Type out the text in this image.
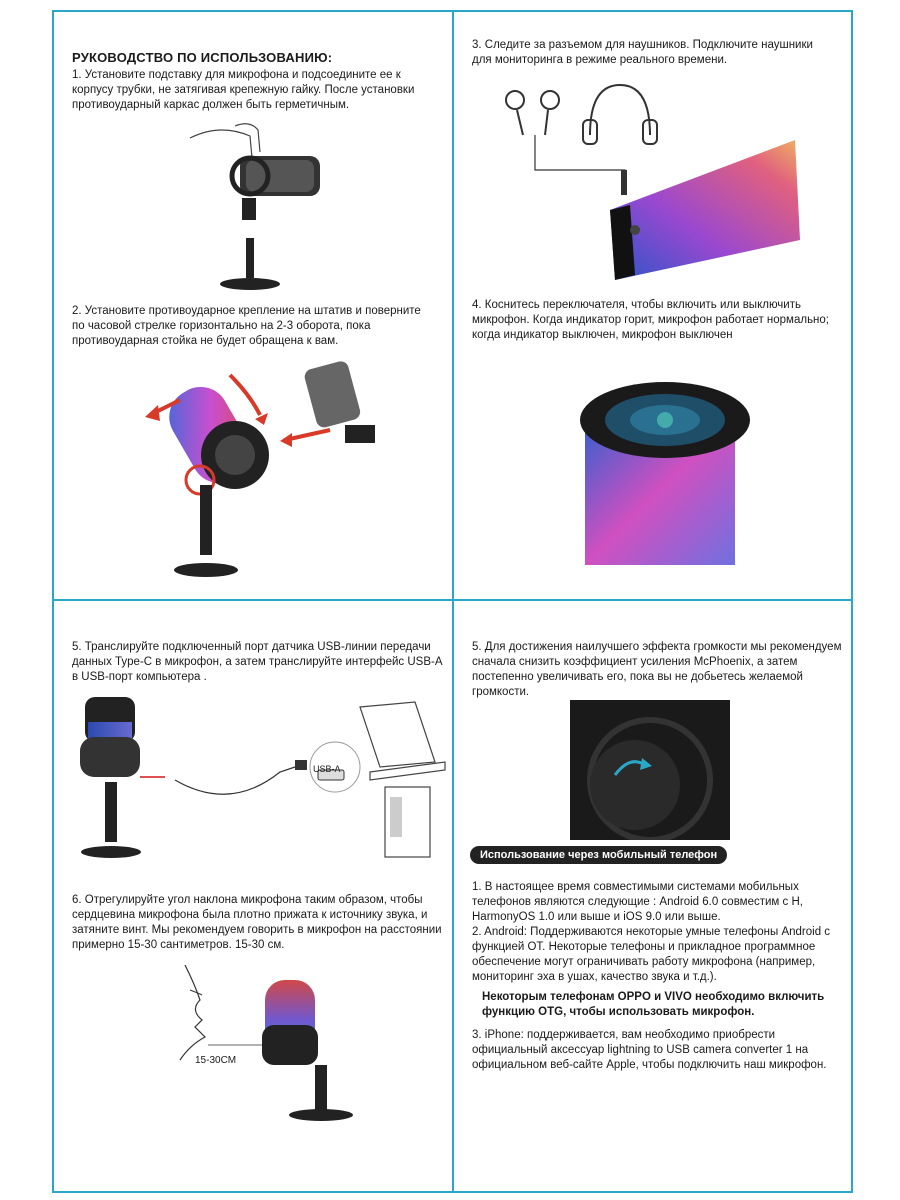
РУКОВОДСТВО ПО ИСПОЛЬЗОВАНИЮ:
1. Установите подставку для микрофона и подсоедините ее к корпусу трубки, не затягивая крепежную гайку. После установки противоударный каркас должен быть герметичным.
2. Установите противоударное крепление на штатив и поверните по часовой стрелке горизонтально на 2-3 оборота, пока противоударная стойка не будет обращена к вам.
3. Следите за разъемом для наушников. Подключите наушники для мониторинга в режиме реального времени.
4. Коснитесь переключателя, чтобы включить или выключить микрофон. Когда индикатор горит, микрофон работает нормально; когда индикатор выключен, микрофон выключен
5. Транслируйте подключенный порт датчика USB-линии передачи данных Type-C в микрофон, а затем транслируйте интерфейс USB-A в USB-порт компьютера .
USB-A
6. Отрегулируйте угол наклона микрофона таким образом, чтобы сердцевина микрофона была плотно прижата к источнику звука, и затяните винт. Мы рекомендуем говорить в микрофон на расстоянии примерно 15-30 сантиметров. 15-30 см.
15-30CM
5. Для достижения наилучшего эффекта громкости мы рекомендуем сначала снизить коэффициент усиления McPhoenix, а затем постепенно увеличивать его, пока вы не добьетесь желаемой громкости.
Использование через мобильный телефон
1. В настоящее время совместимыми системами мобильных телефонов являются следующие : Android 6.0 совместим с H, HarmonyOS 1.0 или выше и iOS 9.0 или выше.
2. Android: Поддерживаются некоторые умные телефоны Android с функцией OT. Некоторые телефоны и прикладное программное обеспечение могут ограничивать работу микрофона (например, мониторинг эха в ушах, качество звука и т.д.).
Некоторым телефонам OPPO и VIVO необходимо включить функцию OTG, чтобы использовать микрофон.
3. iPhone: поддерживается, вам необходимо приобрести официальный аксессуар lightning to USB camera converter 1 на официальном веб-сайте Apple, чтобы подключить наш микрофон.
